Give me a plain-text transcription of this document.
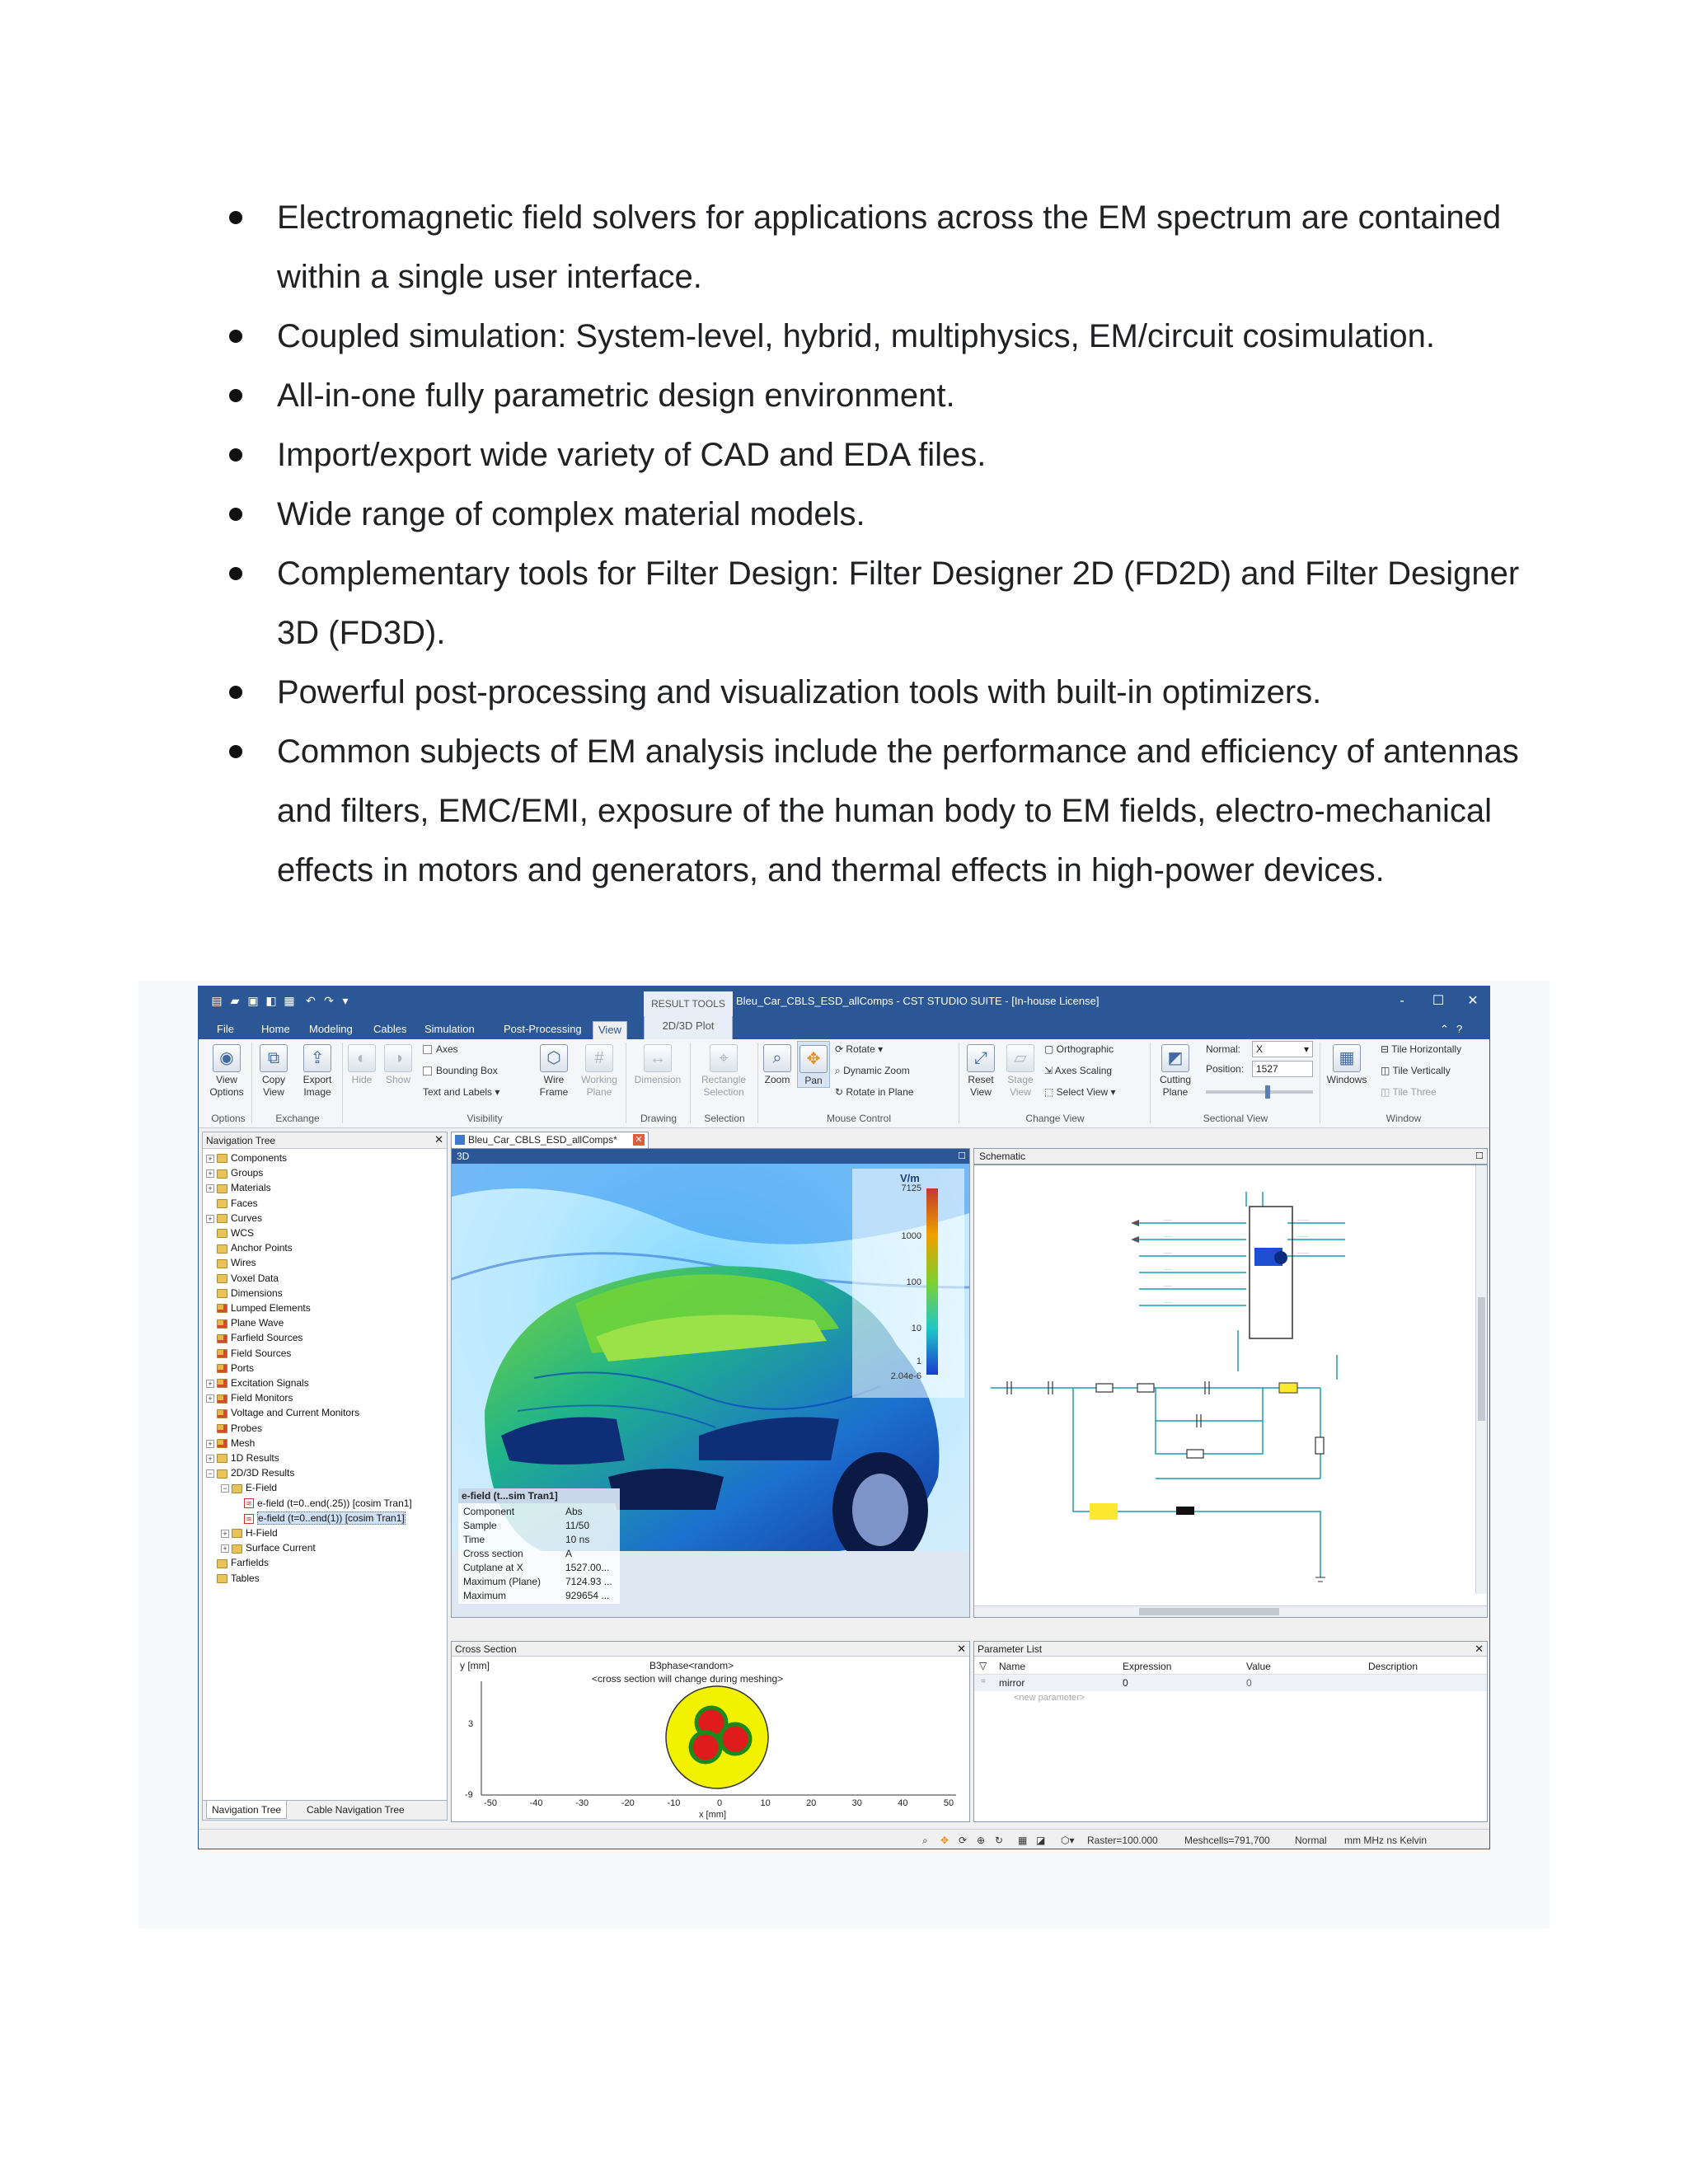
Electromagnetic field solvers for applications across the EM spectrum are contained within a single user interface.
Coupled simulation: System-level, hybrid, multiphysics, EM/circuit cosimulation.
All-in-one fully parametric design environment.
Import/export wide variety of CAD and EDA files.
Wide range of complex material models.
Complementary tools for Filter Design: Filter Designer 2D (FD2D) and Filter Designer 3D (FD3D).
Powerful post-processing and visualization tools with built-in optimizers.
Common subjects of EM analysis include the performance and efficiency of antennas and filters, EMC/EMI, exposure of the human body to EM fields, electro-mechanical effects in motors and generators, and thermal effects in high-power devices.
▤ ▰ ▣ ◧ ▦ ↶ ↷ ▾	Bleu_Car_CBLS_ESD_allComps - CST STUDIO SUITE - [In-house License]	-	☐	✕
File	Home	Modeling	Cables	Simulation	Post-Processing	View	2D/3D Plot	⌃ ?
RESULT TOOLS
◉
View Options
⧉
Copy View
⇪
Export Image
◐
Hide
◑
Show
Axes
Bounding Box
Text and Labels ▾
⬡
Wire Frame
#
Working Plane
↔
Dimension
⌖
Rectangle Selection
⌕
Zoom
✥
Pan
⟳ Rotate ▾
⌕ Dynamic Zoom
↻ Rotate in Plane
⤢
Reset View
▱
Stage View
▢ Orthographic
⇲ Axes Scaling
⬚ Select View ▾
◩
Cutting Plane
Normal:	X	▾
Position:	1527
▦
Windows
⊟ Tile Horizontally
◫ Tile Vertically
◫ Tile Three
Options	Exchange	Visibility	Drawing	Selection	Mouse Control	Change View	Sectional View	Window
Navigation Tree	✕
+ Components
+ Groups
+ Materials
Faces
+ Curves
WCS
Anchor Points
Wires
Voxel Data
Dimensions
Lumped Elements
Plane Wave
Farfield Sources
Field Sources
Ports
+ Excitation Signals
+ Field Monitors
Voltage and Current Monitors
Probes
+ Mesh
+ 1D Results
− 2D/3D Results
− E-Field
≋ e-field (t=0..end(.25)) [cosim Tran1]
≋ e-field (t=0..end(1)) [cosim Tran1]
+ H-Field
+ Surface Current
Farfields
Tables
Navigation Tree	Cable Navigation Tree
Bleu_Car_CBLS_ESD_allComps* ✕
3D	☐
V/m
7125
1000
100
10
1
2.04e-6
e-field (t...sim Tran1]
Component	Abs
Sample	11/50
Time	10 ns
Cross section	A
Cutplane at X	1527.00...
Maximum (Plane) 7124.93 ...
Maximum	929654 ...
Schematic	☐
·····
·····
·····
·····
·····
·····
·······
·······
·······
Cross Section	✕
y [mm]	B3phase<random>
<cross section will change during meshing>
-50	-40	-30	-20	-10	0	10	20	30	40	50
3
-9
x [mm]
Parameter List	✕
▽ Name	Expression	Value	Description
= mirror	0	0
<new parameter>
⌕ ✥ ⟳ ⊕ ↻ ▦ ◪ ⬡▾ Raster=100.000	Meshcells=791,700	Normal mm MHz ns Kelvin
